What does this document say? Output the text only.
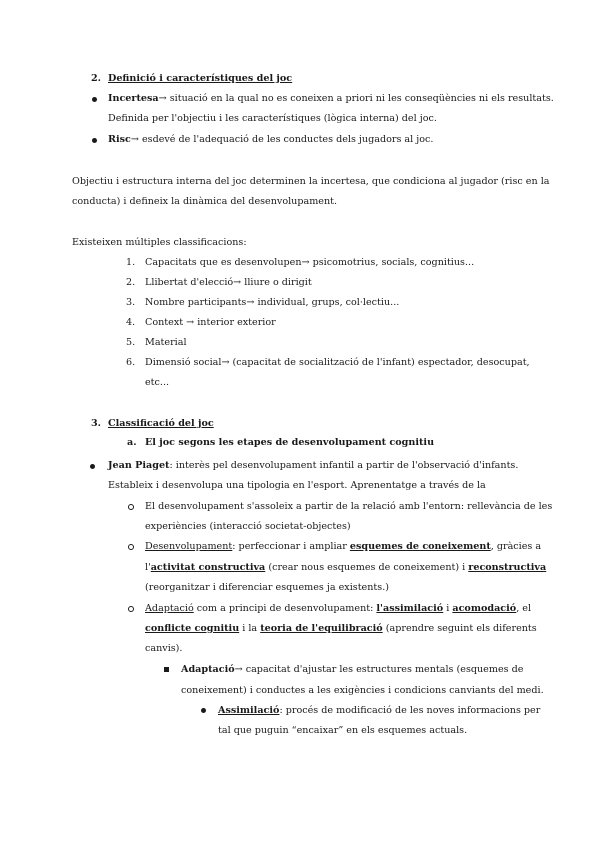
2. Definició i característiques del joc
Incertesa→ situació en la qual no es coneixen a priori ni les conseqüències ni els resultats.
Definida per l'objectiu i les característiques (lògica interna) del joc.
Risc→ esdevé de l'adequació de les conductes dels jugadors al joc.
Objectiu i estructura interna del joc determinen la incertesa, que condiciona al jugador (risc en la
conducta) i defineix la dinàmica del desenvolupament.
Existeixen múltiples classificacions:
1. Capacitats que es desenvolupen→ psicomotrius, socials, cognitius...
2. Llibertat d'elecció→ lliure o dirigit
3. Nombre participants→ individual, grups, col·lectiu...
4. Context → interior exterior
5. Material
6. Dimensió social→ (capacitat de socialització de l'infant) espectador, desocupat,
etc...
3. Classificació del joc
a. El joc segons les etapes de desenvolupament cognitiu
Jean Piaget: interès pel desenvolupament infantil a partir de l'observació d'infants.
Estableix i desenvolupa una tipologia en l'esport. Aprenentatge a través de la
El desenvolupament s'assoleix a partir de la relació amb l'entorn: rellevància de les
experiències (interacció societat-objectes)
Desenvolupament: perfeccionar i ampliar esquemes de coneixement, gràcies a
l'activitat constructiva (crear nous esquemes de coneixement) i reconstructiva
(reorganitzar i diferenciar esquemes ja existents.)
Adaptació com a principi de desenvolupament: l'assimilació i acomodació, el
conflicte cognitiu i la teoria de l'equilibració (aprendre seguint els diferents
canvis).
Adaptació→ capacitat d'ajustar les estructures mentals (esquemes de
coneixement) i conductes a les exigències i condicions canviants del medi.
Assimilació: procés de modificació de les noves informacions per
tal que puguin “encaixar” en els esquemes actuals.
